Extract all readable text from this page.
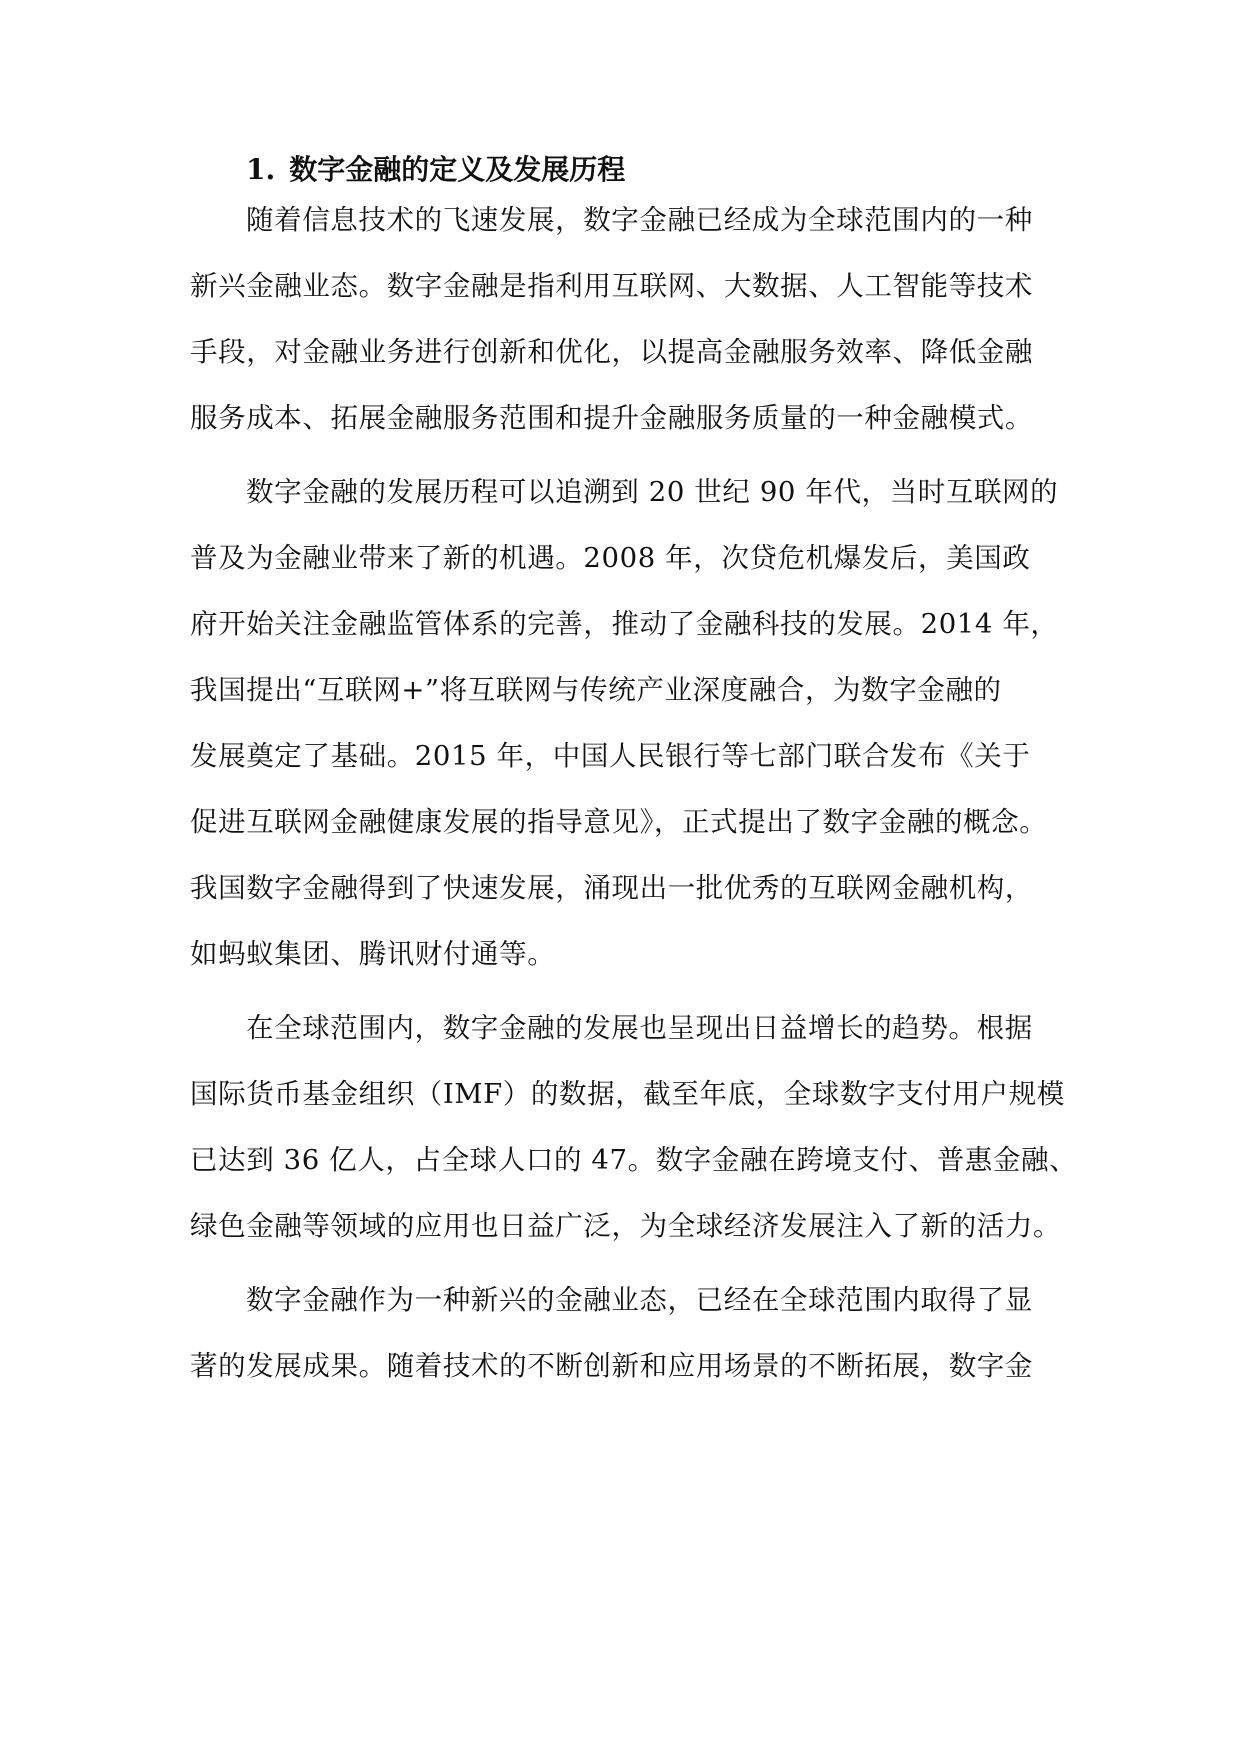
1. 数字金融的定义及发展历程

随着信息技术的飞速发展，数字金融已经成为全球范围内的一种

新兴金融业态。数字金融是指利用互联网、大数据、人工智能等技术

手段，对金融业务进行创新和优化，以提高金融服务效率、降低金融

服务成本、拓展金融服务范围和提升金融服务质量的一种金融模式。

数字金融的发展历程可以追溯到 20 世纪 90 年代，当时互联网的

普及为金融业带来了新的机遇。2008 年，次贷危机爆发后，美国政

府开始关注金融监管体系的完善，推动了金融科技的发展。2014 年，

我国提出“互联网+”将互联网与传统产业深度融合，为数字金融的

发展奠定了基础。2015 年，中国人民银行等七部门联合发布《关于

促进互联网金融健康发展的指导意见》，正式提出了数字金融的概念。

我国数字金融得到了快速发展，涌现出一批优秀的互联网金融机构，

如蚂蚁集团、腾讯财付通等。

在全球范围内，数字金融的发展也呈现出日益增长的趋势。根据

国际货币基金组织（IMF）的数据，截至年底，全球数字支付用户规模

已达到 36 亿人，占全球人口的 47。数字金融在跨境支付、普惠金融、

绿色金融等领域的应用也日益广泛，为全球经济发展注入了新的活力。

数字金融作为一种新兴的金融业态，已经在全球范围内取得了显

著的发展成果。随着技术的不断创新和应用场景的不断拓展，数字金
